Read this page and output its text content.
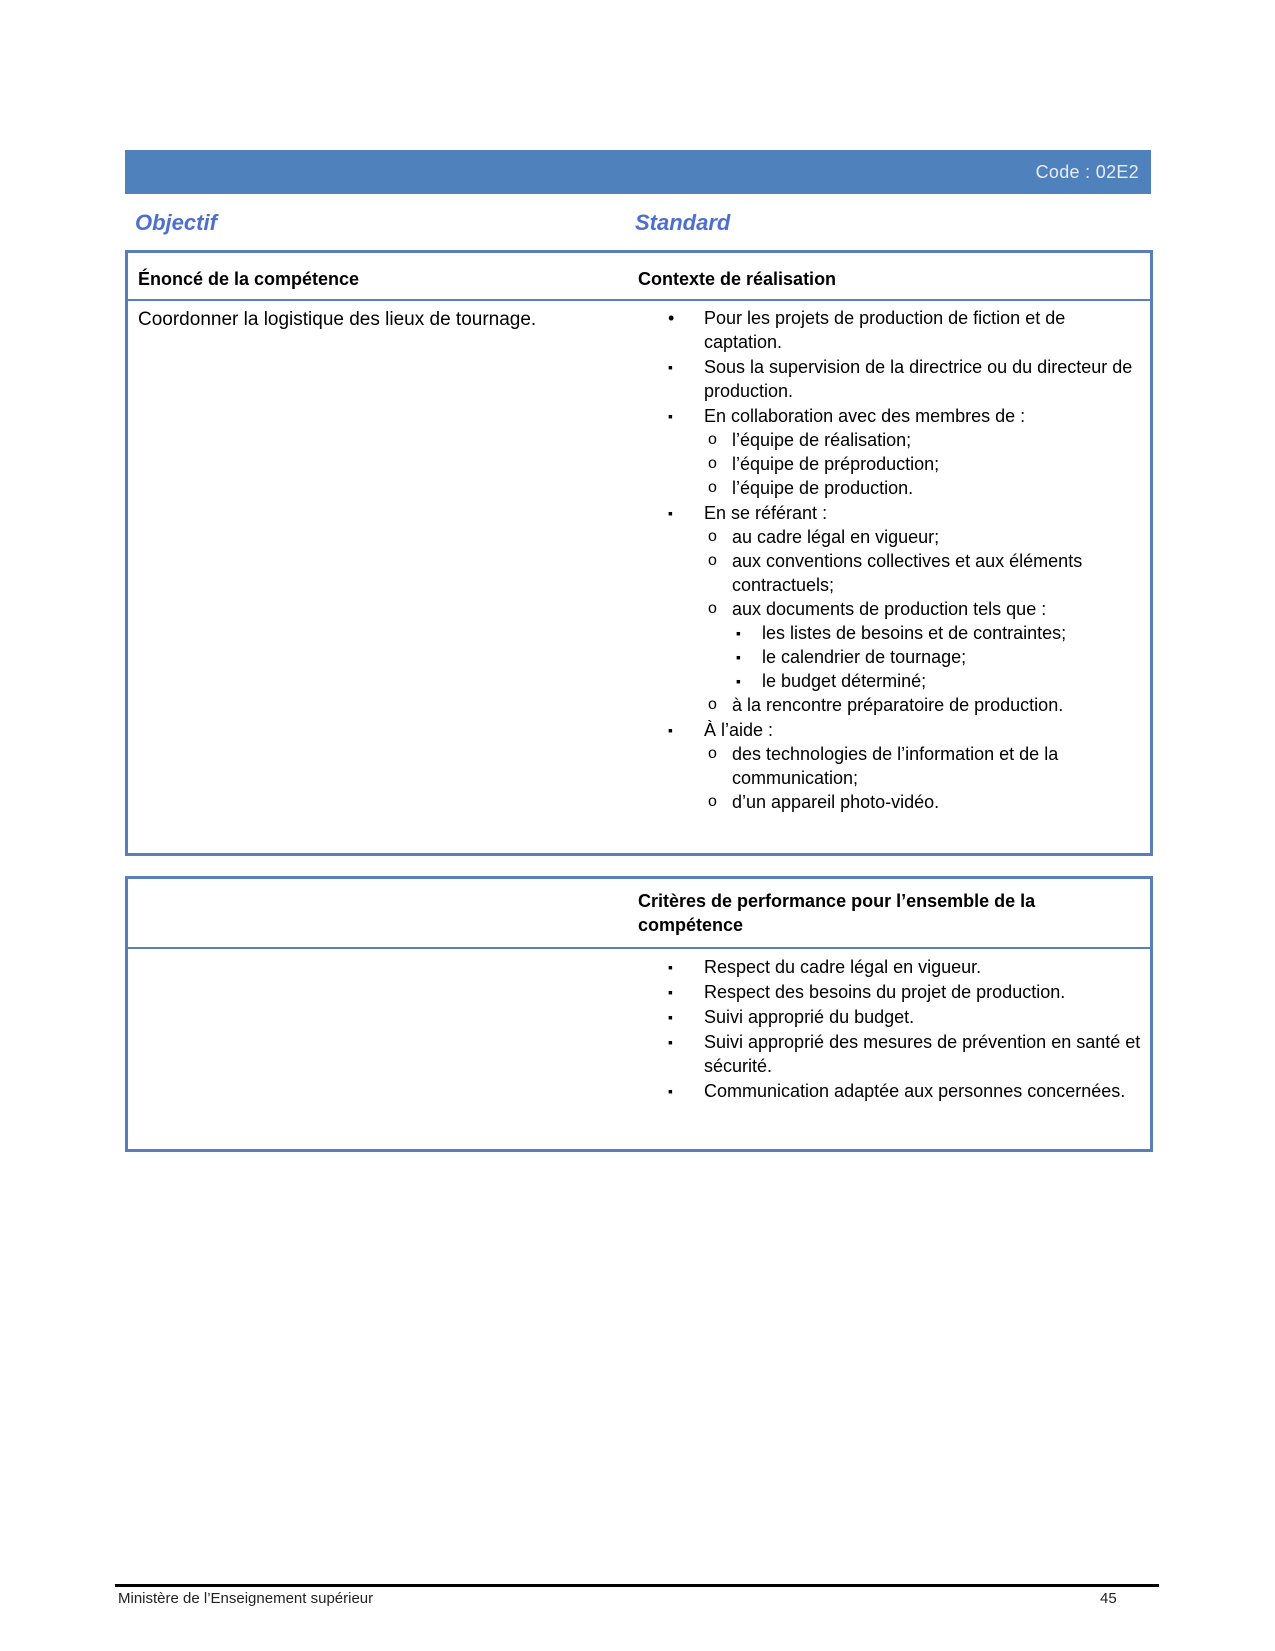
Code : 02E2
Objectif	Standard
Énoncé de la compétence	Contexte de réalisation
Coordonner la logistique des lieux de tournage.	• Pour les projets de production de fiction et de captation.
▪ Sous la supervision de la directrice ou du directeur de production.
▪ En collaboration avec des membres de :
o l’équipe de réalisation;
o l’équipe de préproduction;
o l’équipe de production.
▪ En se référant :
o au cadre légal en vigueur;
o aux conventions collectives et aux éléments contractuels;
o aux documents de production tels que :
▪ les listes de besoins et de contraintes;
▪ le calendrier de tournage;
▪ le budget déterminé;
o à la rencontre préparatoire de production.
▪ À l’aide :
o des technologies de l’information et de la communication;
o d’un appareil photo-vidéo.
Critères de performance pour l’ensemble de la compétence
▪ Respect du cadre légal en vigueur.
▪ Respect des besoins du projet de production.
▪ Suivi approprié du budget.
▪ Suivi approprié des mesures de prévention en santé et sécurité.
▪ Communication adaptée aux personnes concernées.
Ministère de l’Enseignement supérieur	45
